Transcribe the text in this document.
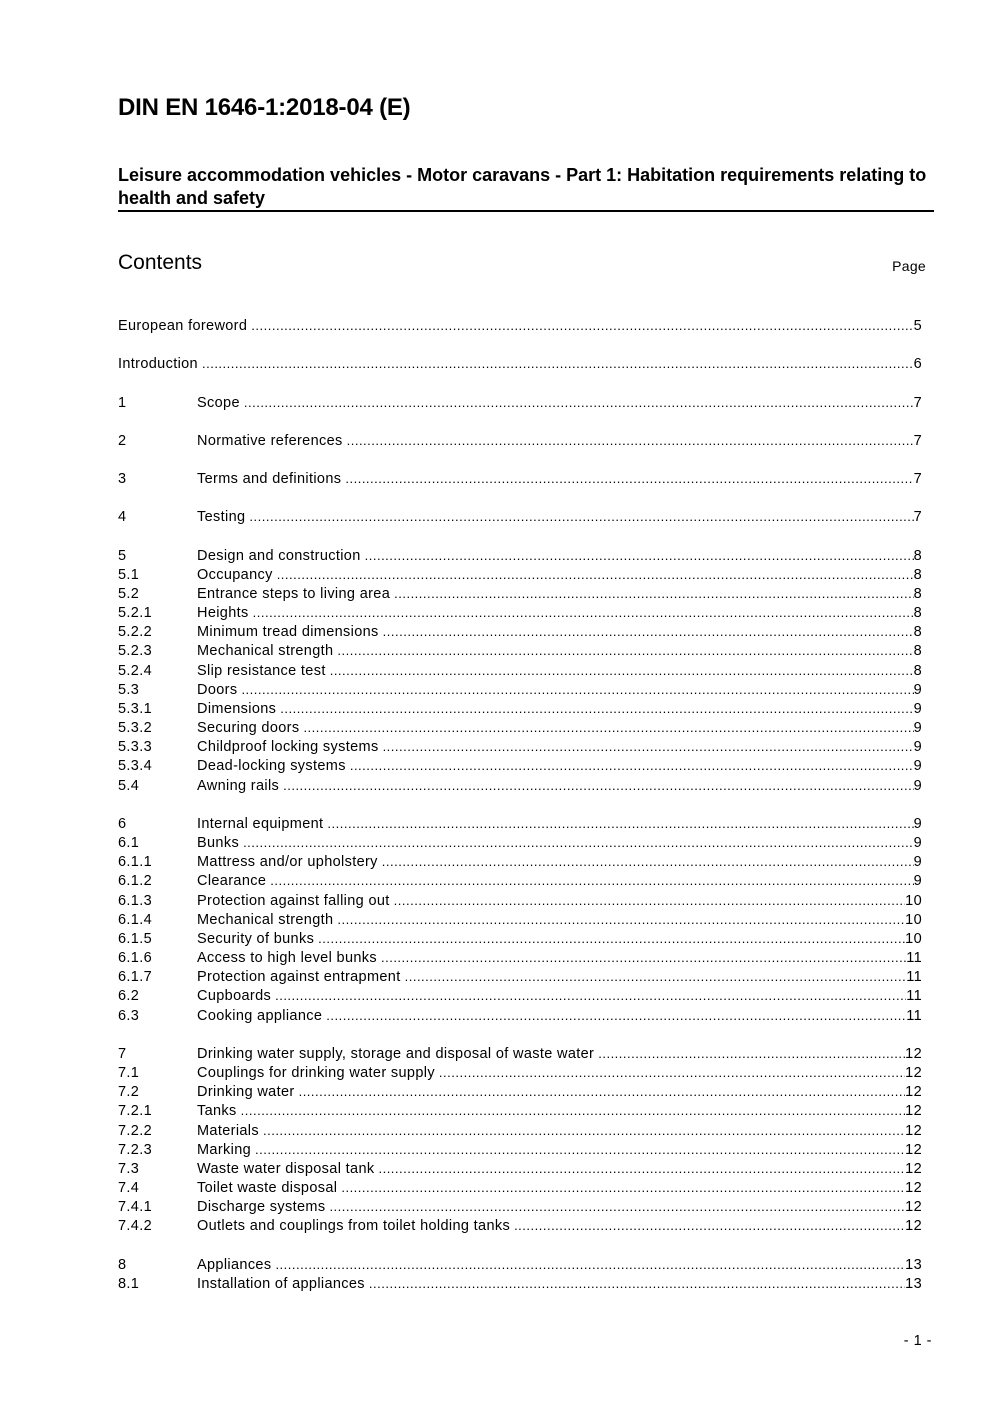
DIN EN 1646-1:2018-04 (E)
Leisure accommodation vehicles - Motor caravans - Part 1: Habitation requirements relating to health and safety
Contents	Page
European foreword .....	5
Introduction .....	6
1	Scope .....	7
2	Normative references .....	7
3	Terms and definitions .....	7
4	Testing .....	7
5	Design and construction .....	8
5.1	Occupancy .....	8
5.2	Entrance steps to living area .....	8
5.2.1	Heights .....	8
5.2.2	Minimum tread dimensions .....	8
5.2.3	Mechanical strength .....	8
5.2.4	Slip resistance test .....	8
5.3	Doors .....	9
5.3.1	Dimensions .....	9
5.3.2	Securing doors .....	9
5.3.3	Childproof locking systems .....	9
5.3.4	Dead-locking systems .....	9
5.4	Awning rails .....	9
6	Internal equipment .....	9
6.1	Bunks .....	9
6.1.1	Mattress and/or upholstery .....	9
6.1.2	Clearance .....	9
6.1.3	Protection against falling out .....	10
6.1.4	Mechanical strength .....	10
6.1.5	Security of bunks .....	10
6.1.6	Access to high level bunks .....	11
6.1.7	Protection against entrapment .....	11
6.2	Cupboards .....	11
6.3	Cooking appliance .....	11
7	Drinking water supply, storage and disposal of waste water .....	12
7.1	Couplings for drinking water supply .....	12
7.2	Drinking water .....	12
7.2.1	Tanks .....	12
7.2.2	Materials .....	12
7.2.3	Marking .....	12
7.3	Waste water disposal tank .....	12
7.4	Toilet waste disposal .....	12
7.4.1	Discharge systems .....	12
7.4.2	Outlets and couplings from toilet holding tanks .....	12
8	Appliances .....	13
8.1	Installation of appliances .....	13
- 1 -
